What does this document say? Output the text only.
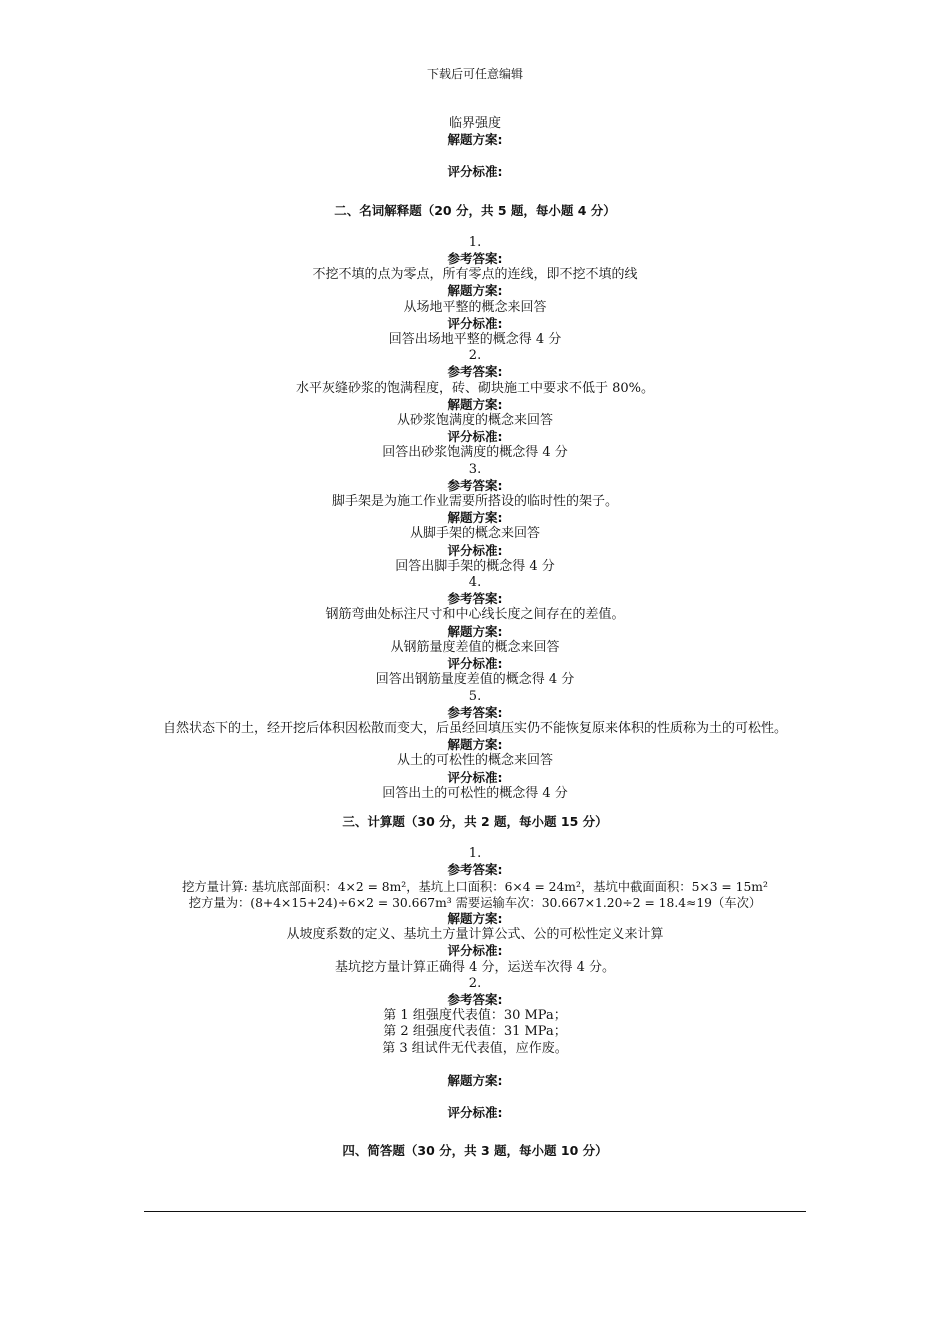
下载后可任意编辑

临界强度

解题方案:

评分标准:

二、名词解释题（20 分，共 5 题，每小题 4 分）

1.

参考答案:

不挖不填的点为零点，所有零点的连线，即不挖不填的线

解题方案:

从场地平整的概念来回答

评分标准:

回答出场地平整的概念得 4 分

2.

参考答案:

水平灰缝砂浆的饱满程度，砖、砌块施工中要求不低于 80%。

解题方案:

从砂浆饱满度的概念来回答

评分标准:

回答出砂浆饱满度的概念得 4 分

3.

参考答案:

脚手架是为施工作业需要所搭设的临时性的架子。

解题方案:

从脚手架的概念来回答

评分标准:

回答出脚手架的概念得 4 分

4.

参考答案:

钢筋弯曲处标注尺寸和中心线长度之间存在的差值。

解题方案:

从钢筋量度差值的概念来回答

评分标准:

回答出钢筋量度差值的概念得 4 分

5.

参考答案:

自然状态下的土，经开挖后体积因松散而变大，后虽经回填压实仍不能恢复原来体积的性质称为土的可松性。

解题方案:

从土的可松性的概念来回答

评分标准:

回答出土的可松性的概念得 4 分

三、计算题（30 分，共 2 题，每小题 15 分）

1.

参考答案:

挖方量计算: 基坑底部面积：4×2 = 8m²，基坑上口面积：6×4 = 24m²，基坑中截面面积：5×3 = 15m²

挖方量为：(8+4×15+24)÷6×2 = 30.667m³ 需要运输车次：30.667×1.20÷2 = 18.4≈19（车次）

解题方案:

从坡度系数的定义、基坑土方量计算公式、公的可松性定义来计算

评分标准:

基坑挖方量计算正确得 4 分，运送车次得 4 分。

2.

参考答案:

第 1 组强度代表值：30 MPa；

第 2 组强度代表值：31 MPa；

第 3 组试件无代表值，应作废。

解题方案:

评分标准:

四、简答题（30 分，共 3 题，每小题 10 分）
